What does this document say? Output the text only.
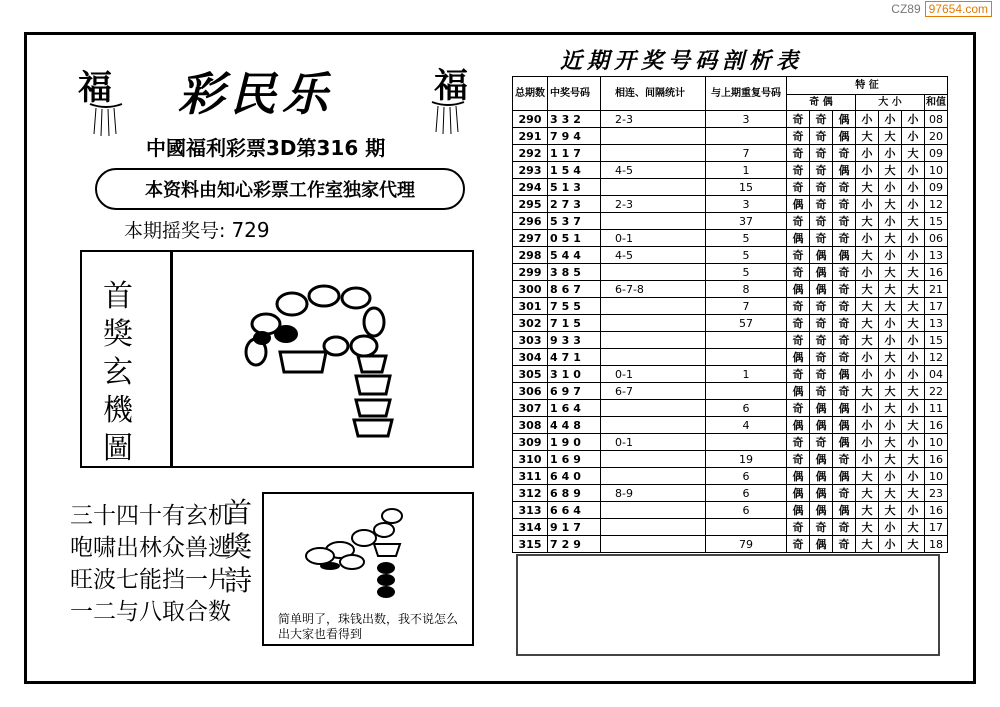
CZ89 97654.com
福	福
彩民乐
中國福利彩票3D第316 期
本资料由知心彩票工作室独家代理
本期摇奖号: 729
首獎玄機圖
三十四十有玄机
咆啸出林众兽逃
旺波七能挡一片
一二与八取合数
首獎詩
简单明了，珠钱出数，我不说怎么出大家也看得到
近期开奖号码剖析表
总期数	中奖号码	相连、间隔统计	与上期重复号码	特 征						
				奇 偶			大 小			和值

290	332	2-3	3	奇	奇	偶	小	小	小	08
291	794			奇	奇	偶	大	大	小	20
292	117		7	奇	奇	奇	小	小	大	09
293	154	4-5	1	奇	奇	偶	小	大	小	10
294	513		15	奇	奇	奇	大	小	小	09
295	273	2-3	3	偶	奇	奇	小	大	小	12
296	537		37	奇	奇	奇	大	小	大	15
297	051	0-1	5	偶	奇	奇	小	大	小	06
298	544	4-5	5	奇	偶	偶	大	小	小	13
299	385		5	奇	偶	奇	小	大	大	16
300	867	6-7-8	8	偶	偶	奇	大	大	大	21
301	755		7	奇	奇	奇	大	大	大	17
302	715		57	奇	奇	奇	大	小	大	13
303	933			奇	奇	奇	大	小	小	15
304	471			偶	奇	奇	小	大	小	12
305	310	0-1	1	奇	奇	偶	小	小	小	04
306	697	6-7		偶	奇	奇	大	大	大	22
307	164		6	奇	偶	偶	小	大	小	11
308	448		4	偶	偶	偶	小	小	大	16
309	190	0-1		奇	奇	偶	小	大	小	10
310	169		19	奇	偶	奇	小	大	大	16
311	640		6	偶	偶	偶	大	小	小	10
312	689	8-9	6	偶	偶	奇	大	大	大	23
313	664		6	偶	偶	偶	大	大	小	16
314	917			奇	奇	奇	大	小	大	17
315	729		79	奇	偶	奇	大	小	大	18
